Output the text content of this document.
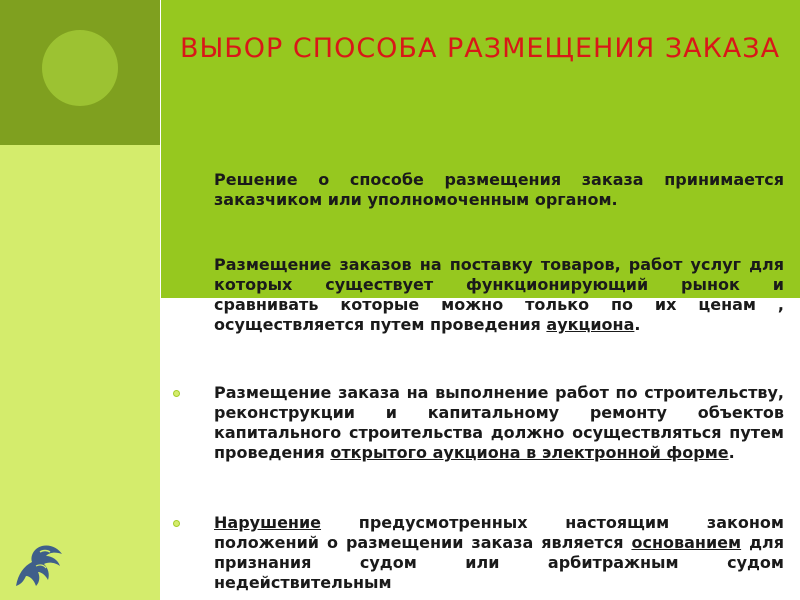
ВЫБОР СПОСОБА РАЗМЕЩЕНИЯ ЗАКАЗА

Решение о способе размещения заказа принимается заказчиком или уполномоченным органом.

Размещение заказов на поставку товаров, работ услуг для которых существует функционирующий рынок и сравнивать которые можно только по их ценам , осуществляется путем проведения аукциона.

Размещение заказа на выполнение работ по строительству, реконструкции и капитальному ремонту объектов капитального строительства должно осуществляться путем проведения открытого аукциона в электронной форме.

Нарушение предусмотренных настоящим законом положений о размещении заказа является основанием для признания судом или арбитражным судом недействительным
